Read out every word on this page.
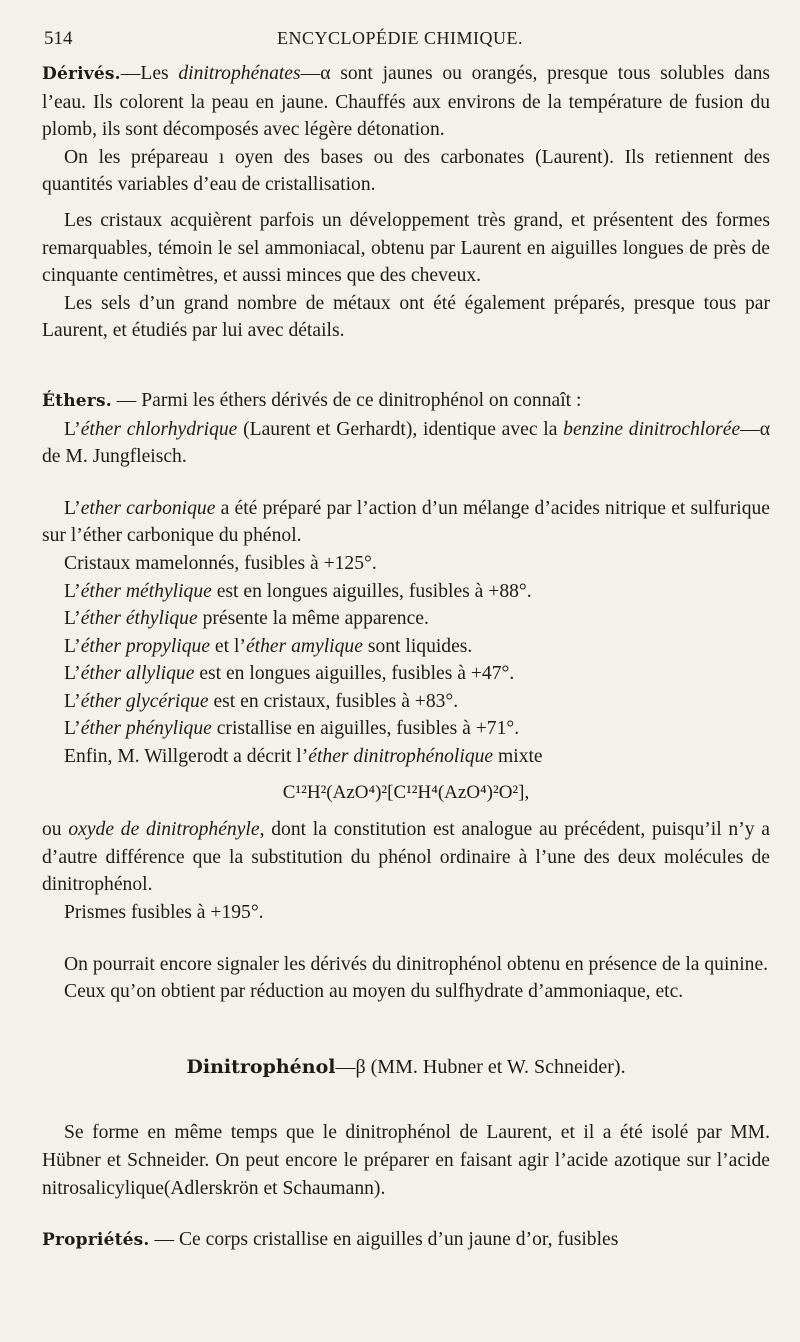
514	ENCYCLOPÉDIE CHIMIQUE.

Dérivés.—Les dinitrophénates—α sont jaunes ou orangés, presque tous solubles dans l’eau. Ils colorent la peau en jaune. Chauffés aux environs de la température de fusion du plomb, ils sont décomposés avec légère détonation.

On les prépareau ı oyen des bases ou des carbonates (Laurent). Ils retiennent des quantités variables d’eau de cristallisation.

Les cristaux acquièrent parfois un développement très grand, et présentent des formes remarquables, témoin le sel ammoniacal, obtenu par Laurent en aiguilles longues de près de cinquante centimètres, et aussi minces que des cheveux.

Les sels d’un grand nombre de métaux ont été également préparés, presque tous par Laurent, et étudiés par lui avec détails.

Éthers. — Parmi les éthers dérivés de ce dinitrophénol on connaît :

L’éther chlorhydrique (Laurent et Gerhardt), identique avec la benzine dinitrochlorée—α de M. Jungfleisch.

L’ether carbonique a été préparé par l’action d’un mélange d’acides nitrique et sulfurique sur l’éther carbonique du phénol.

Cristaux mamelonnés, fusibles à +125°.

L’éther méthylique est en longues aiguilles, fusibles à +88°.

L’éther éthylique présente la même apparence.

L’éther propylique et l’éther amylique sont liquides.

L’éther allylique est en longues aiguilles, fusibles à +47°.

L’éther glycérique est en cristaux, fusibles à +83°.

L’éther phénylique cristallise en aiguilles, fusibles à +71°.

Enfin, M. Willgerodt a décrit l’éther dinitrophénolique mixte

C¹²H²(AzO⁴)²[C¹²H⁴(AzO⁴)²O²],

ou oxyde de dinitrophényle, dont la constitution est analogue au précédent, puisqu’il n’y a d’autre différence que la substitution du phénol ordinaire à l’une des deux molécules de dinitrophénol.

Prismes fusibles à +195°.

On pourrait encore signaler les dérivés du dinitrophénol obtenu en présence de la quinine.

Ceux qu’on obtient par réduction au moyen du sulfhydrate d’ammoniaque, etc.

Dinitrophénol—β (MM. Hubner et W. Schneider).

Se forme en même temps que le dinitrophénol de Laurent, et il a été isolé par MM. Hübner et Schneider. On peut encore le préparer en faisant agir l’acide azotique sur l’acide nitrosalicylique(Adlerskrön et Schaumann).

Propriétés. — Ce corps cristallise en aiguilles d’un jaune d’or, fusibles
